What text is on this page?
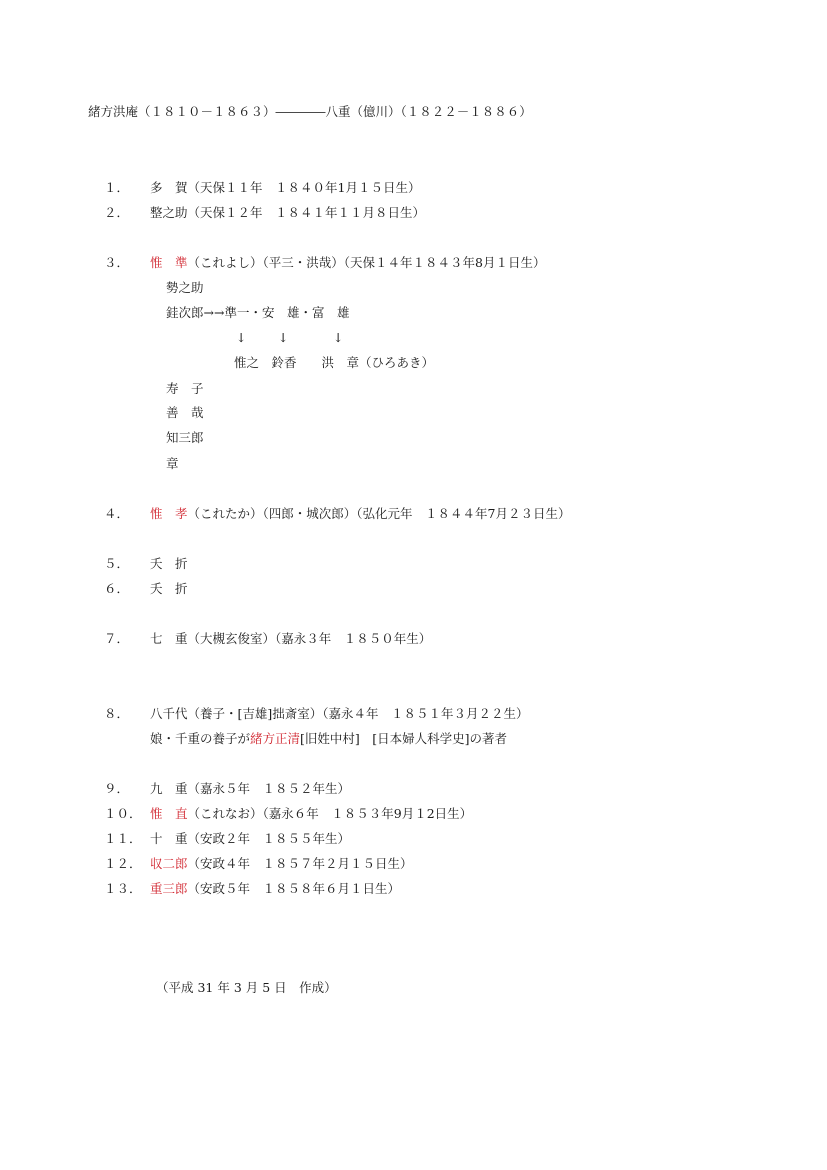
緒方洪庵（１８１０－１８６３）――――八重（億川）（１８２２－１８８６）
１． 多　賀（天保１１年　１８４０年1月１５日生）
２． 整之助（天保１２年　１８４１年１１月８日生）
３． 惟　準（これよし）（平三・洪哉）（天保１４年１８４３年8月１日生）
勢之助
銈次郎→→準一・安　雄・富　雄
↓	↓	↓
惟之　鈴香　　洪　章（ひろあき）
寿　子
善　哉
知三郎
章
４． 惟　孝（これたか）（四郎・城次郎）（弘化元年　１８４４年7月２３日生）
５． 夭　折
６． 夭　折
７． 七　重（大槻玄俊室）（嘉永３年　１８５０年生）
８． 八千代（養子・[吉雄]拙斎室）（嘉永４年　１８５１年３月２２生）
娘・千重の養子が緒方正清[旧姓中村]　[日本婦人科学史]の著者
９． 九　重（嘉永５年　１８５２年生）
１０． 惟　直（これなお）（嘉永６年　１８５３年9月１2日生）
１１． 十　重（安政２年　１８５５年生）
１２． 収二郎（安政４年　１８５７年２月１５日生）
１３． 重三郎（安政５年　１８５８年６月１日生）
（平成 31 年 3 月 5 日　作成）
